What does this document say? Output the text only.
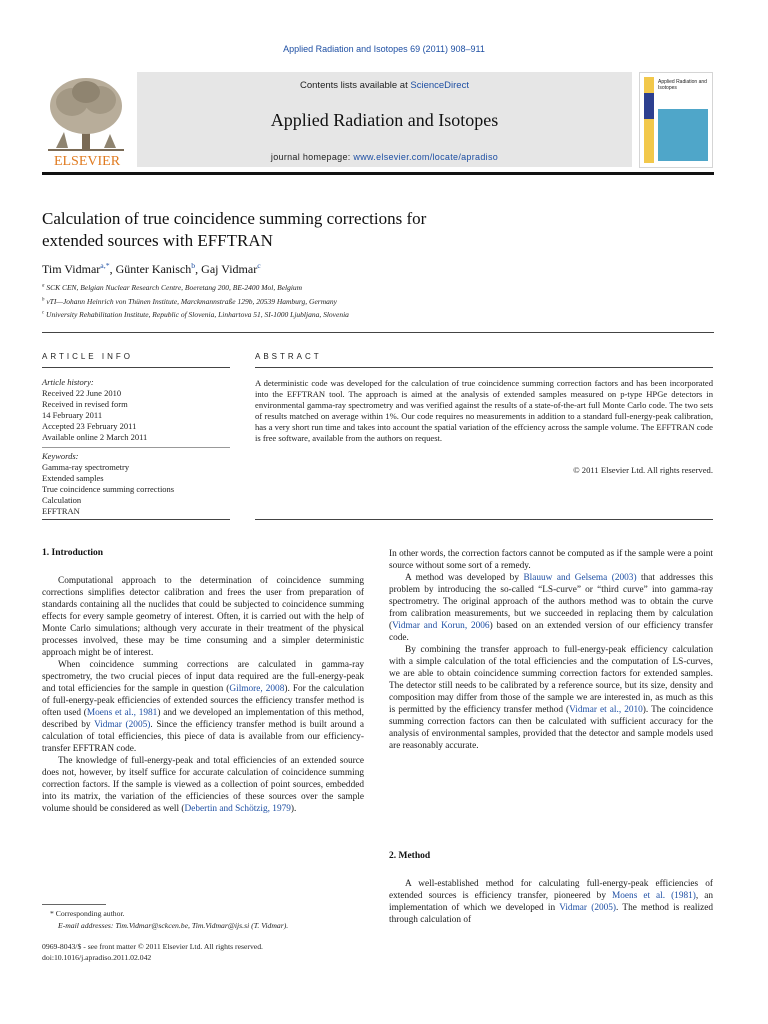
Applied Radiation and Isotopes 69 (2011) 908–911
ELSEVIER
Contents lists available at ScienceDirect
Applied Radiation and Isotopes
journal homepage: www.elsevier.com/locate/apradiso
Applied Radiation and
Isotopes
Calculation of true coincidence summing corrections for
extended sources with EFFTRAN
Tim Vidmar$^{a,*}$, Günter Kanisch$^b$, Gaj Vidmar$^c$
$^a$ SCK CEN, Belgian Nuclear Research Centre, Boeretang 200, BE-2400 Mol, Belgium
$^b$ vTI—Johann Heinrich von Thünen Institute, Marckmannstraße 129b, 20539 Hamburg, Germany
$^c$ University Rehabilitation Institute, Republic of Slovenia, Linhartova 51, SI-1000 Ljubljana, Slovenia
ARTICLE INFO
Article history:
Received 22 June 2010
Received in revised form
14 February 2011
Accepted 23 February 2011
Available online 2 March 2011
Keywords:
Gamma-ray spectrometry
Extended samples
True coincidence summing corrections
Calculation
EFFTRAN
ABSTRACT
A deterministic code was developed for the calculation of true coincidence summing correction factors and has been incorporated into the EFFTRAN tool. The approach is aimed at the analysis of extended samples measured on p-type HPGe detectors in environmental gamma-ray spectrometry and was verified against the results of a state-of-the-art full Monte Carlo code. The two sets of results matched on average within 1%. Our code requires no measurements in addition to a standard full-energy-peak calibration, has a very short run time and takes into account the spatial variation of the effciency across the sample volume. The EFFTRAN code is free software, available from the authors on request.
© 2011 Elsevier Ltd. All rights reserved.
1. Introduction

Computational approach to the determination of coincidence summing corrections simplifies detector calibration and frees the user from preparation of standards containing all the nuclides that could be subjected to coincidence summing effects for every sample geometry of interest. Often, it is carried out with the help of Monte Carlo simulations; although very accurate in their treatment of the physical processes involved, these may be time consuming and a simpler deterministic approach might be of interest.

When coincidence summing corrections are calculated in gamma-ray spectrometry, the two crucial pieces of input data required are the full-energy-peak and total efficiencies for the sample in question (Gilmore, 2008). For the calculation of full-energy-peak efficiencies of extended sources the efficiency transfer method is often used (Moens et al., 1981) and we developed an implementation of this method, described by Vidmar (2005). Since the efficiency transfer method is built around a calculation of total efficiencies, this piece of data is available from our efficiency-transfer EFFTRAN code.

The knowledge of full-energy-peak and total efficiencies of an extended source does not, however, by itself suffice for accurate calculation of coincidence summing correction factors. If the sample is viewed as a collection of point sources, embedded into its matrix, the variation of the efficiencies of these sources over the sample volume should be considered as well (Debertin and Schötzig, 1979).

* Corresponding author.
E-mail addresses: Tim.Vidmar@sckcen.be, Tim.Vidmar@ijs.si (T. Vidmar).
0969-8043/$ - see front matter © 2011 Elsevier Ltd. All rights reserved.
doi:10.1016/j.apradiso.2011.02.042

In other words, the correction factors cannot be computed as if the sample were a point source without some sort of a remedy.

A method was developed by Blauuw and Gelsema (2003) that addresses this problem by introducing the so-called “LS-curve” or “third curve” into gamma-ray spectrometry. The original approach of the authors method was to obtain the curve from calibration measurements, but we succeeded in replacing them by calculation (Vidmar and Korun, 2006) based on an extended version of our efficiency transfer code.

By combining the transfer approach to full-energy-peak efficiency calculation with a simple calculation of the total efficiencies and the computation of LS-curves, we are able to obtain coincidence summing correction factors for extended samples. The detector still needs to be calibrated by a reference source, but its size, density and composition may differ from those of the sample we are interested in, as much as this is permitted by the efficiency transfer method (Vidmar et al., 2010). The coincidence summing correction factors can then be calculated with sufficient accuracy for the analysis of environmental samples, provided that the detector and sample models used are reasonably accurate.

2. Method

A well-established method for calculating full-energy-peak efficiencies of extended sources is efficiency transfer, pioneered by Moens et al. (1981), an implementation of which we developed in Vidmar (2005). The method is realized through calculation of
